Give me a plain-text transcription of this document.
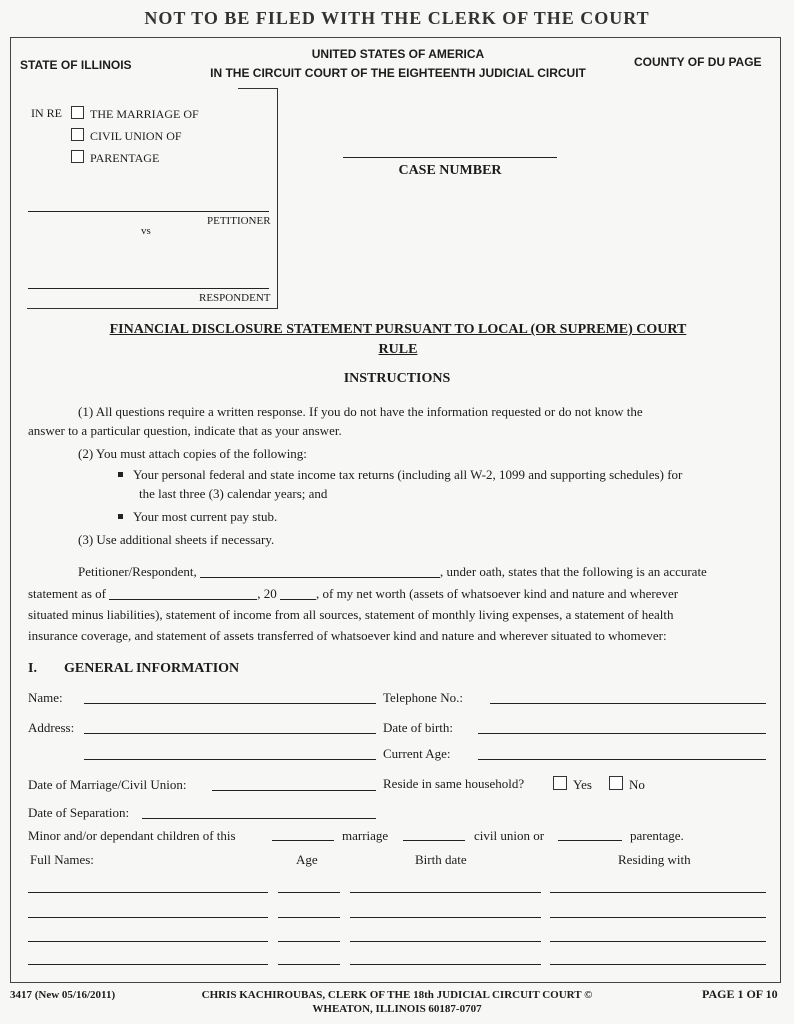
NOT TO BE FILED WITH THE CLERK OF THE COURT
STATE OF ILLINOIS
UNITED STATES OF AMERICA
IN THE CIRCUIT COURT OF THE EIGHTEENTH JUDICIAL CIRCUIT
COUNTY OF DU PAGE
IN RE	THE MARRIAGE OF
CIVIL UNION OF
PARENTAGE
PETITIONER
vs
RESPONDENT
CASE NUMBER
FINANCIAL DISCLOSURE STATEMENT PURSUANT TO LOCAL (OR SUPREME) COURT
RULE
INSTRUCTIONS
(1) All questions require a written response. If you do not have the information requested or do not know the
answer to a particular question, indicate that as your answer.
(2) You must attach copies of the following:
Your personal federal and state income tax returns (including all W-2, 1099 and supporting schedules) for
the last three (3) calendar years; and
Your most current pay stub.
(3) Use additional sheets if necessary.
Petitioner/Respondent,	, under oath, states that the following is an accurate
statement as of	, 20	, of my net worth (assets of whatsoever kind and nature and wherever
situated minus liabilities), statement of income from all sources, statement of monthly living expenses, a statement of health
insurance coverage, and statement of assets transferred of whatsoever kind and nature and wherever situated to whomever:
I. GENERAL INFORMATION
Name:	Telephone No.:
Address:	Date of birth:
Current Age:
Date of Marriage/Civil Union:	Reside in same household?	Yes	No
Date of Separation:
Minor and/or dependant children of this	marriage	civil union or	parentage.
Full Names:	Age	Birth date	Residing with
3417 (New 05/16/2011)	CHRIS KACHIROUBAS, CLERK OF THE 18th JUDICIAL CIRCUIT COURT ©
WHEATON, ILLINOIS 60187-0707
PAGE 1 OF 10
